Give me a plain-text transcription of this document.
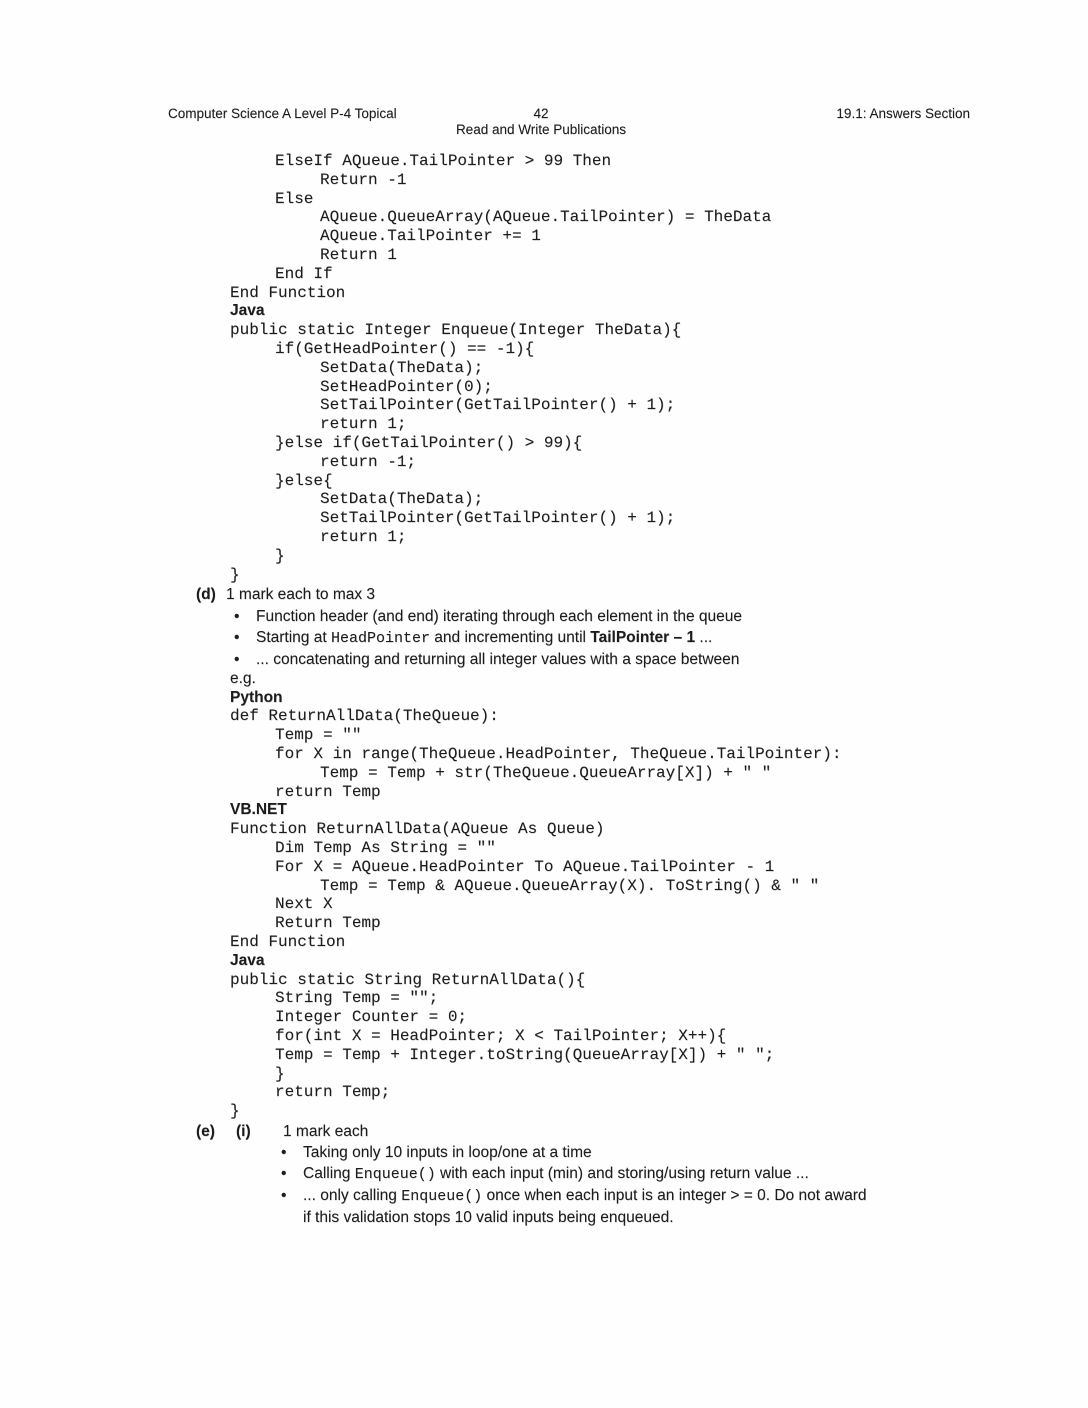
Computer Science A Level P-4 Topical	42
Read and Write Publications
19.1: Answers Section
ElseIf AQueue.TailPointer > 99 Then
Return -1
Else
AQueue.QueueArray(AQueue.TailPointer) = TheData
AQueue.TailPointer += 1
Return 1
End If
End Function
Java
public static Integer Enqueue(Integer TheData){
if(GetHeadPointer() == -1){
SetData(TheData);
SetHeadPointer(0);
SetTailPointer(GetTailPointer() + 1);
return 1;
}else if(GetTailPointer() > 99){
return -1;
}else{
SetData(TheData);
SetTailPointer(GetTailPointer() + 1);
return 1;
}
}
(d) 1 mark each to max 3
• Function header (and end) iterating through each element in the queue
• Starting at HeadPointer and incrementing until TailPointer – 1 ...
• ... concatenating and returning all integer values with a space between
e.g.
Python
def ReturnAllData(TheQueue):
Temp = ""
for X in range(TheQueue.HeadPointer, TheQueue.TailPointer):
Temp = Temp + str(TheQueue.QueueArray[X]) + " "
return Temp
VB.NET
Function ReturnAllData(AQueue As Queue)
Dim Temp As String = ""
For X = AQueue.HeadPointer To AQueue.TailPointer - 1
Temp = Temp & AQueue.QueueArray(X). ToString() & " "
Next X
Return Temp
End Function
Java
public static String ReturnAllData(){
String Temp = "";
Integer Counter = 0;
for(int X = HeadPointer; X < TailPointer; X++){
Temp = Temp + Integer.toString(QueueArray[X]) + " ";
}
return Temp;
}
(e) (i) 1 mark each
• Taking only 10 inputs in loop/one at a time
• Calling Enqueue() with each input (min) and storing/using return value ...
• ... only calling Enqueue() once when each input is an integer > = 0. Do not award
if this validation stops 10 valid inputs being enqueued.
